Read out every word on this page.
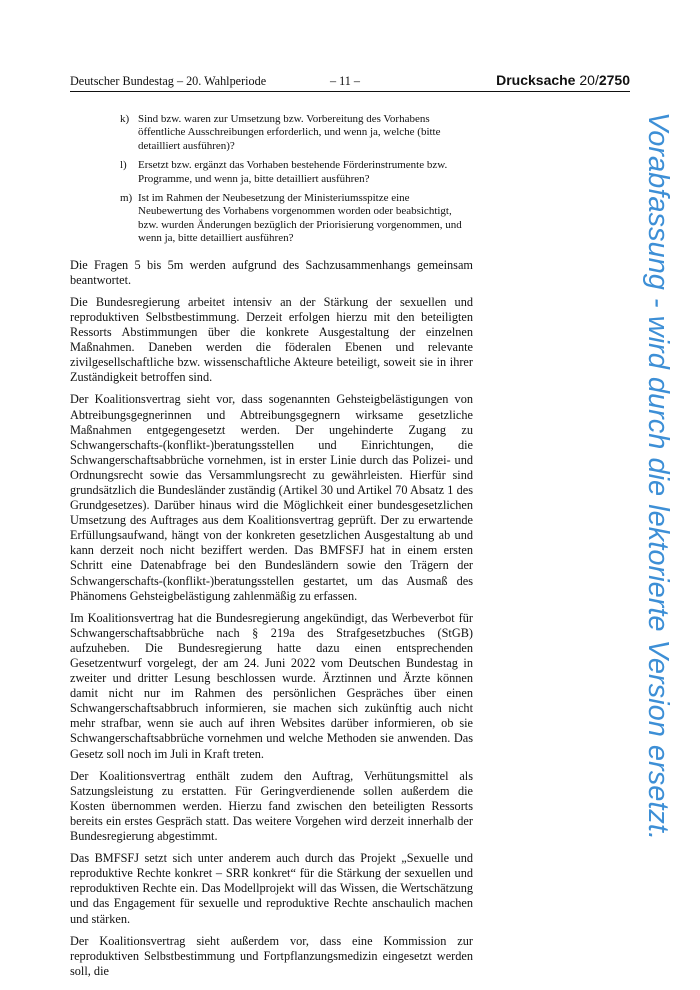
Deutscher Bundestag – 20. Wahlperiode	– 11 –	Drucksache 20/2750
k) Sind bzw. waren zur Umsetzung bzw. Vorbereitung des Vorhabens öffentliche Ausschreibungen erforderlich, und wenn ja, welche (bitte detailliert ausführen)?
l) Ersetzt bzw. ergänzt das Vorhaben bestehende Förderinstrumente bzw. Programme, und wenn ja, bitte detailliert ausführen?
m) Ist im Rahmen der Neubesetzung der Ministeriumsspitze eine Neubewertung des Vorhabens vorgenommen worden oder beabsichtigt, bzw. wurden Änderungen bezüglich der Priorisierung vorgenommen, und wenn ja, bitte detailliert ausführen?

Die Fragen 5 bis 5m werden aufgrund des Sachzusammenhangs gemeinsam beantwortet.

Die Bundesregierung arbeitet intensiv an der Stärkung der sexuellen und reproduktiven Selbstbestimmung. Derzeit erfolgen hierzu mit den beteiligten Ressorts Abstimmungen über die konkrete Ausgestaltung der einzelnen Maßnahmen. Daneben werden die föderalen Ebenen und relevante zivilgesellschaftliche bzw. wissenschaftliche Akteure beteiligt, soweit sie in ihrer Zuständigkeit betroffen sind.

Der Koalitionsvertrag sieht vor, dass sogenannten Gehsteigbelästigungen von Abtreibungsgegnerinnen und Abtreibungsgegnern wirksame gesetzliche Maßnahmen entgegengesetzt werden. Der ungehinderte Zugang zu Schwangerschafts-(konflikt-)beratungsstellen und Einrichtungen, die Schwangerschaftsabbrüche vornehmen, ist in erster Linie durch das Polizei- und Ordnungsrecht sowie das Versammlungsrecht zu gewährleisten. Hierfür sind grundsätzlich die Bundesländer zuständig (Artikel 30 und Artikel 70 Absatz 1 des Grundgesetzes). Darüber hinaus wird die Möglichkeit einer bundesgesetzlichen Umsetzung des Auftrages aus dem Koalitionsvertrag geprüft. Der zu erwartende Erfüllungsaufwand, hängt von der konkreten gesetzlichen Ausgestaltung ab und kann derzeit noch nicht beziffert werden. Das BMFSFJ hat in einem ersten Schritt eine Datenabfrage bei den Bundesländern sowie den Trägern der Schwangerschafts-(konflikt-)beratungsstellen gestartet, um das Ausmaß des Phänomens Gehsteigbelästigung zahlenmäßig zu erfassen.

Im Koalitionsvertrag hat die Bundesregierung angekündigt, das Werbeverbot für Schwangerschaftsabbrüche nach § 219a des Strafgesetzbuches (StGB) aufzuheben. Die Bundesregierung hatte dazu einen entsprechenden Gesetzentwurf vorgelegt, der am 24. Juni 2022 vom Deutschen Bundestag in zweiter und dritter Lesung beschlossen wurde. Ärztinnen und Ärzte können damit nicht nur im Rahmen des persönlichen Gespräches über einen Schwangerschaftsabbruch informieren, sie machen sich zukünftig auch nicht mehr strafbar, wenn sie auch auf ihren Websites darüber informieren, ob sie Schwangerschaftsabbrüche vornehmen und welche Methoden sie anwenden. Das Gesetz soll noch im Juli in Kraft treten.

Der Koalitionsvertrag enthält zudem den Auftrag, Verhütungsmittel als Satzungsleistung zu erstatten. Für Geringverdienende sollen außerdem die Kosten übernommen werden. Hierzu fand zwischen den beteiligten Ressorts bereits ein erstes Gespräch statt. Das weitere Vorgehen wird derzeit innerhalb der Bundesregierung abgestimmt.

Das BMFSFJ setzt sich unter anderem auch durch das Projekt „Sexuelle und reproduktive Rechte konkret – SRR konkret“ für die Stärkung der sexuellen und reproduktiven Rechte ein. Das Modellprojekt will das Wissen, die Wertschätzung und das Engagement für sexuelle und reproduktive Rechte anschaulich machen und stärken.

Der Koalitionsvertrag sieht außerdem vor, dass eine Kommission zur reproduktiven Selbstbestimmung und Fortpflanzungsmedizin eingesetzt werden soll, die

Vorabfassung - wird durch die lektorierte Version ersetzt.
